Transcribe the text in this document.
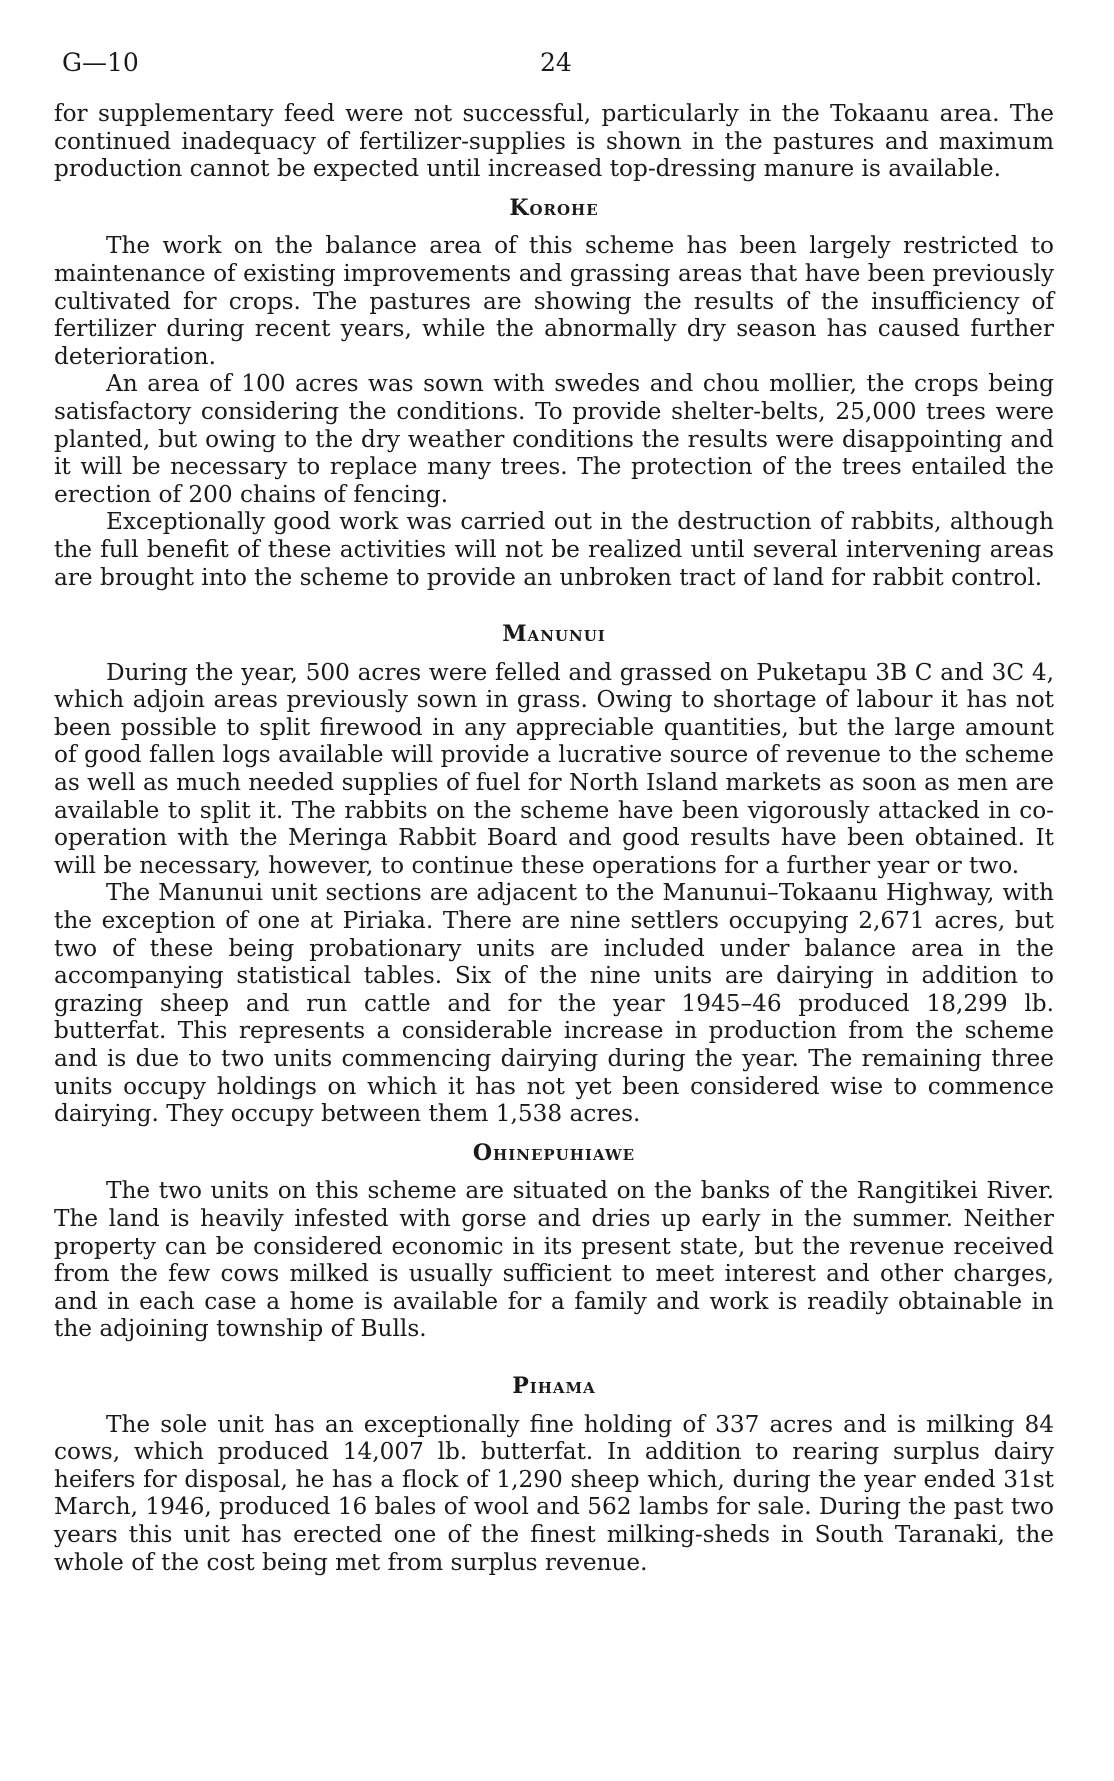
G—10	24

for supplementary feed were not successful, particularly in the Tokaanu area. The continued inadequacy of fertilizer-supplies is shown in the pastures and maximum production cannot be expected until increased top-dressing manure is available.

Korohe

The work on the balance area of this scheme has been largely restricted to maintenance of existing improvements and grassing areas that have been previously cultivated for crops. The pastures are showing the results of the insufficiency of fertilizer during recent years, while the abnormally dry season has caused further deterioration.

An area of 100 acres was sown with swedes and chou mollier, the crops being satisfactory considering the conditions. To provide shelter-belts, 25,000 trees were planted, but owing to the dry weather conditions the results were disappointing and it will be necessary to replace many trees. The protection of the trees entailed the erection of 200 chains of fencing.

Exceptionally good work was carried out in the destruction of rabbits, although the full benefit of these activities will not be realized until several intervening areas are brought into the scheme to provide an unbroken tract of land for rabbit control.

Manunui

During the year, 500 acres were felled and grassed on Puketapu 3B C and 3C 4, which adjoin areas previously sown in grass. Owing to shortage of labour it has not been possible to split firewood in any appreciable quantities, but the large amount of good fallen logs available will provide a lucrative source of revenue to the scheme as well as much needed supplies of fuel for North Island markets as soon as men are available to split it. The rabbits on the scheme have been vigorously attacked in co-operation with the Meringa Rabbit Board and good results have been obtained. It will be necessary, however, to continue these operations for a further year or two.

The Manunui unit sections are adjacent to the Manunui–Tokaanu Highway, with the exception of one at Piriaka. There are nine settlers occupying 2,671 acres, but two of these being probationary units are included under balance area in the accompanying statistical tables. Six of the nine units are dairying in addition to grazing sheep and run cattle and for the year 1945–46 produced 18,299 lb. butterfat. This represents a considerable increase in production from the scheme and is due to two units commencing dairying during the year. The remaining three units occupy holdings on which it has not yet been considered wise to commence dairying. They occupy between them 1,538 acres.

Ohinepuhiawe

The two units on this scheme are situated on the banks of the Rangitikei River. The land is heavily infested with gorse and dries up early in the summer. Neither property can be considered economic in its present state, but the revenue received from the few cows milked is usually sufficient to meet interest and other charges, and in each case a home is available for a family and work is readily obtainable in the adjoining township of Bulls.

Pihama

The sole unit has an exceptionally fine holding of 337 acres and is milking 84 cows, which produced 14,007 lb. butterfat. In addition to rearing surplus dairy heifers for disposal, he has a flock of 1,290 sheep which, during the year ended 31st March, 1946, produced 16 bales of wool and 562 lambs for sale. During the past two years this unit has erected one of the finest milking-sheds in South Taranaki, the whole of the cost being met from surplus revenue.
